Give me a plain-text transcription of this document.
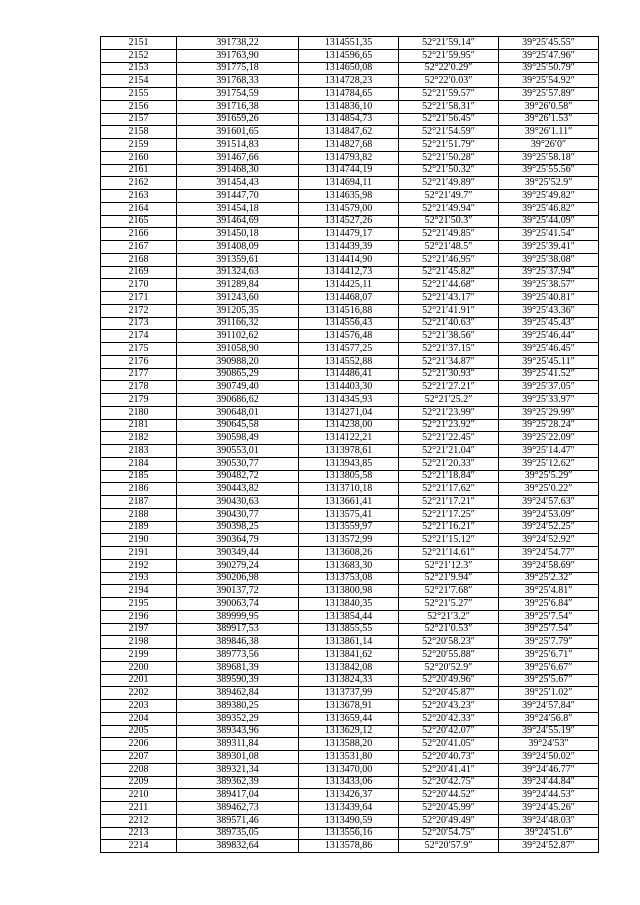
2151	391738,22	1314551,35	52°21′59.14″	39°25′45.55″
2152	391763,90	1314596,65	52°21′59.95″	39°25′47.96″
2153	391775,18	1314650,08	52°22′0.29″	39°25′50.79″
2154	391768,33	1314728,23	52°22′0.03″	39°25′54.92″
2155	391754,59	1314784,65	52°21′59.57″	39°25′57.89″
2156	391716,38	1314836,10	52°21′58.31″	39°26′0.58″
2157	391659,26	1314854,73	52°21′56.45″	39°26′1.53″
2158	391601,65	1314847,62	52°21′54.59″	39°26′1.11″
2159	391514,83	1314827,68	52°21′51.79″	39°26′0″
2160	391467,66	1314793,82	52°21′50.28″	39°25′58.18″
2161	391468,30	1314744,19	52°21′50.32″	39°25′55.56″
2162	391454,43	1314694,11	52°21′49.89″	39°25′52.9″
2163	391447,70	1314635,98	52°21′49.7″	39°25′49.82″
2164	391454,18	1314579,00	52°21′49.94″	39°25′46.82″
2165	391464,69	1314527,26	52°21′50.3″	39°25′44.09″
2166	391450,18	1314479,17	52°21′49.85″	39°25′41.54″
2167	391408,09	1314439,39	52°21′48.5″	39°25′39.41″
2168	391359,61	1314414,90	52°21′46.95″	39°25′38.08″
2169	391324,63	1314412,73	52°21′45.82″	39°25′37.94″
2170	391289,84	1314425,11	52°21′44.68″	39°25′38.57″
2171	391243,60	1314468,07	52°21′43.17″	39°25′40.81″
2172	391205,35	1314516,88	52°21′41.91″	39°25′43.36″
2173	391166,32	1314556,43	52°21′40.63″	39°25′45.43″
2174	391102,62	1314576,48	52°21′38.56″	39°25′46.44″
2175	391058,90	1314577,25	52°21′37.15″	39°25′46.45″
2176	390988,20	1314552,88	52°21′34.87″	39°25′45.11″
2177	390865,29	1314486,41	52°21′30.93″	39°25′41.52″
2178	390749,40	1314403,30	52°21′27.21″	39°25′37.05″
2179	390686,62	1314345,93	52°21′25.2″	39°25′33.97″
2180	390648,01	1314271,04	52°21′23.99″	39°25′29.99″
2181	390645,58	1314238,00	52°21′23.92″	39°25′28.24″
2182	390598,49	1314122,21	52°21′22.45″	39°25′22.09″
2183	390553,01	1313978,61	52°21′21.04″	39°25′14.47″
2184	390530,77	1313943,85	52°21′20.33″	39°25′12.62″
2185	390482,72	1313805,58	52°21′18.84″	39°25′5.29″
2186	390443,82	1313710,18	52°21′17.62″	39°25′0.22″
2187	390430,63	1313661,41	52°21′17.21″	39°24′57.63″
2188	390430,77	1313575,41	52°21′17.25″	39°24′53.09″
2189	390398,25	1313559,97	52°21′16.21″	39°24′52.25″
2190	390364,79	1313572,99	52°21′15.12″	39°24′52.92″
2191	390349,44	1313608,26	52°21′14.61″	39°24′54.77″
2192	390279,24	1313683,30	52°21′12.3″	39°24′58.69″
2193	390206,98	1313753,08	52°21′9.94″	39°25′2.32″
2194	390137,72	1313800,98	52°21′7.68″	39°25′4.81″
2195	390063,74	1313840,35	52°21′5.27″	39°25′6.84″
2196	389999,95	1313854,44	52°21′3.2″	39°25′7.54″
2197	389917,53	1313855,55	52°21′0.53″	39°25′7.54″
2198	389846,38	1313861,14	52°20′58.23″	39°25′7.79″
2199	389773,56	1313841,62	52°20′55.88″	39°25′6.71″
2200	389681,39	1313842,08	52°20′52.9″	39°25′6.67″
2201	389590,39	1313824,33	52°20′49.96″	39°25′5.67″
2202	389462,84	1313737,99	52°20′45.87″	39°25′1.02″
2203	389380,25	1313678,91	52°20′43.23″	39°24′57.84″
2204	389352,29	1313659,44	52°20′42.33″	39°24′56.8″
2205	389343,96	1313629,12	52°20′42.07″	39°24′55.19″
2206	389311,84	1313588,20	52°20′41.05″	39°24′53″
2207	389301,08	1313531,80	52°20′40.73″	39°24′50.02″
2208	389321,34	1313470,00	52°20′41.41″	39°24′46.77″
2209	389362,39	1313433,06	52°20′42.75″	39°24′44.84″
2210	389417,04	1313426,37	52°20′44.52″	39°24′44.53″
2211	389462,73	1313439,64	52°20′45.99″	39°24′45.26″
2212	389571,46	1313490,59	52°20′49.49″	39°24′48.03″
2213	389735,05	1313556,16	52°20′54.75″	39°24′51.6″
2214	389832,64	1313578,86	52°20′57.9″	39°24′52.87″
